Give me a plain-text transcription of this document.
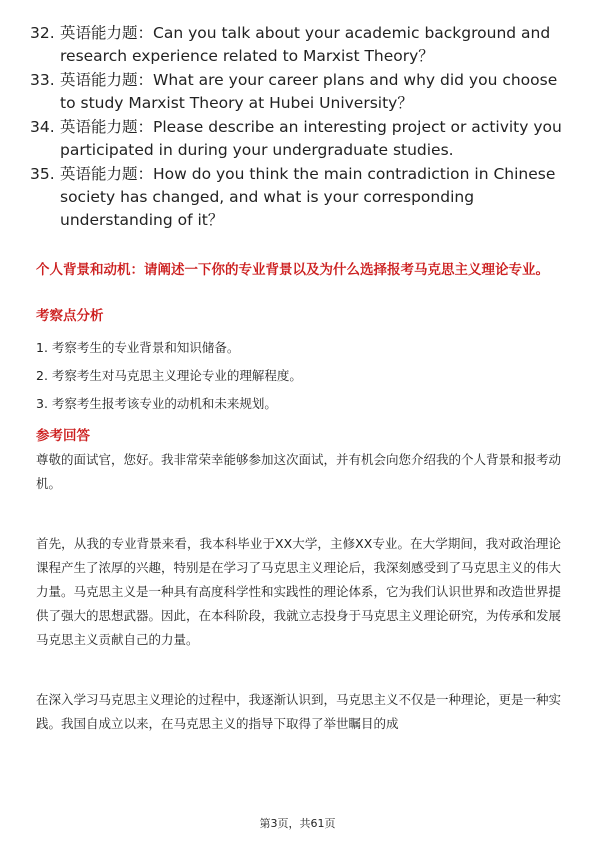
32. 英语能力题：Can you talk about your academic background and research experience related to Marxist Theory？
33. 英语能力题：What are your career plans and why did you choose to study Marxist Theory at Hubei University？
34. 英语能力题：Please describe an interesting project or activity you participated in during your undergraduate studies.
35. 英语能力题：How do you think the main contradiction in Chinese society has changed, and what is your corresponding understanding of it？
个人背景和动机：请阐述一下你的专业背景以及为什么选择报考马克思主义理论专业。
考察点分析
1. 考察考生的专业背景和知识储备。
2. 考察考生对马克思主义理论专业的理解程度。
3. 考察考生报考该专业的动机和未来规划。
参考回答
尊敬的面试官，您好。我非常荣幸能够参加这次面试，并有机会向您介绍我的个人背景和报考动机。
首先，从我的专业背景来看，我本科毕业于XX大学，主修XX专业。在大学期间，我对政治理论课程产生了浓厚的兴趣，特别是在学习了马克思主义理论后，我深刻感受到了马克思主义的伟大力量。马克思主义是一种具有高度科学性和实践性的理论体系，它为我们认识世界和改造世界提供了强大的思想武器。因此，在本科阶段，我就立志投身于马克思主义理论研究，为传承和发展马克思主义贡献自己的力量。
在深入学习马克思主义理论的过程中，我逐渐认识到，马克思主义不仅是一种理论，更是一种实践。我国自成立以来，在马克思主义的指导下取得了举世瞩目的成
第3页，共61页
